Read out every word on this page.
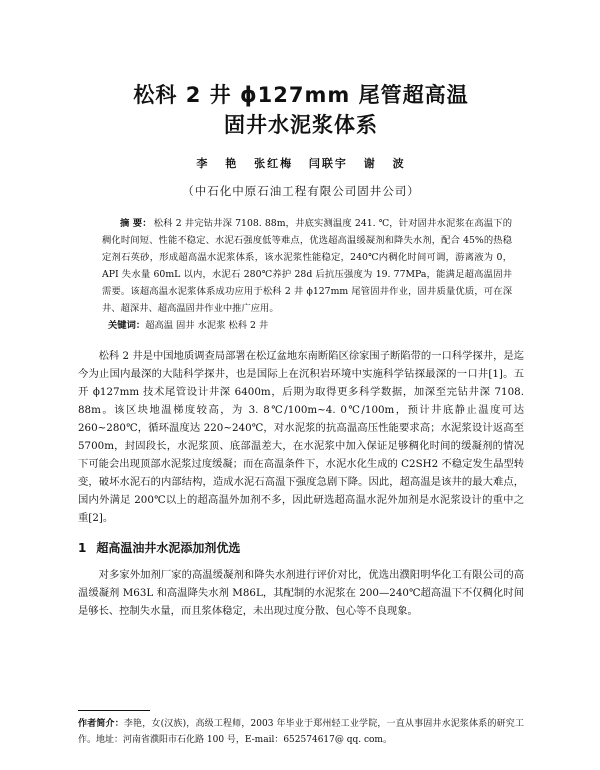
松科 2 井 ϕ127mm 尾管超高温
固井水泥浆体系
李 艳 张红梅 闫联宇 谢 波
（中石化中原石油工程有限公司固井公司）
摘 要： 松科 2 井完钻井深 7108. 88m，井底实测温度 241. ℃，针对固井水泥浆在高温下的稠化时间短、性能不稳定、水泥石强度低等难点，优选超高温缓凝剂和降失水剂，配合 45%的热稳定剂石英砂，形成超高温水泥浆体系，该水泥浆性能稳定，240℃内稠化时间可调，游离液为 0，API 失水量 60mL 以内，水泥石 280℃养护 28d 后抗压强度为 19. 77MPa，能满足超高温固井需要。该超高温水泥浆体系成功应用于松科 2 井 ϕ127mm 尾管固井作业，固井质量优质，可在深井、超深井、超高温固井作业中推广应用。
关键词：超高温 固井 水泥浆 松科 2 井
松科 2 井是中国地质调查局部署在松辽盆地东南断陷区徐家围子断陷带的一口科学探井，是迄今为止国内最深的大陆科学探井，也是国际上在沉积岩环境中实施科学钻探最深的一口井[1]。五开 ϕ127mm 技术尾管设计井深 6400m，后期为取得更多科学数据，加深至完钻井深 7108. 88m。该区块地温梯度较高，为 3. 8℃/100m~4. 0℃/100m，预计井底静止温度可达 260~280℃，循环温度达 220~240℃，对水泥浆的抗高温高压性能要求高；水泥浆设计返高至 5700m，封固段长，水泥浆顶、底部温差大，在水泥浆中加入保证足够稠化时间的缓凝剂的情况下可能会出现顶部水泥浆过度缓凝；而在高温条件下，水泥水化生成的 C2SH2 不稳定发生晶型转变，破坏水泥石的内部结构，造成水泥石高温下强度急剧下降。因此，超高温是该井的最大难点，国内外满足 200℃以上的超高温外加剂不多，因此研选超高温水泥外加剂是水泥浆设计的重中之重[2]。
1 超高温油井水泥添加剂优选
对多家外加剂厂家的高温缓凝剂和降失水剂进行评价对比，优选出濮阳明华化工有限公司的高温缓凝剂 M63L 和高温降失水剂 M86L，其配制的水泥浆在 200—240℃超高温下不仅稠化时间是够长、控制失水量，而且浆体稳定，未出现过度分散、包心等不良现象。
作者简介：李艳，女(汉族)，高级工程师，2003 年毕业于郑州轻工业学院，一直从事固井水泥浆体系的研究工作。地址：河南省濮阳市石化路 100 号，E-mail：652574617@ qq. com。
